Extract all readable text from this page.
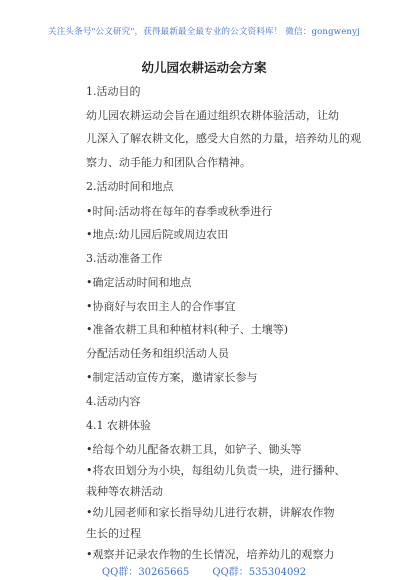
关注头条号"公文研究"，获得最新最全最专业的公文资料库！ 微信：gongwenyj
幼儿园农耕运动会方案
1.活动目的
幼儿园农耕运动会旨在通过组织农耕体验活动，让幼
儿深入了解农耕文化，感受大自然的力量，培养幼儿的观
察力、动手能力和团队合作精神。
2.活动时间和地点
•时间:活动将在每年的春季或秋季进行
•地点:幼儿园后院或周边农田
3.活动准备工作
•确定活动时间和地点
•协商好与农田主人的合作事宜
•准备农耕工具和种植材料(种子、土壤等)
分配活动任务和组织活动人员
•制定活动宣传方案，邀请家长参与
4.活动内容
4.1 农耕体验
•给每个幼儿配备农耕工具，如铲子、锄头等
•将农田划分为小块，每组幼儿负责一块，进行播种、
栽种等农耕活动
•幼儿园老师和家长指导幼儿进行农耕，讲解农作物
生长的过程
•观察并记录农作物的生长情况，培养幼儿的观察力
QQ群：30265665 QQ群：535304092
